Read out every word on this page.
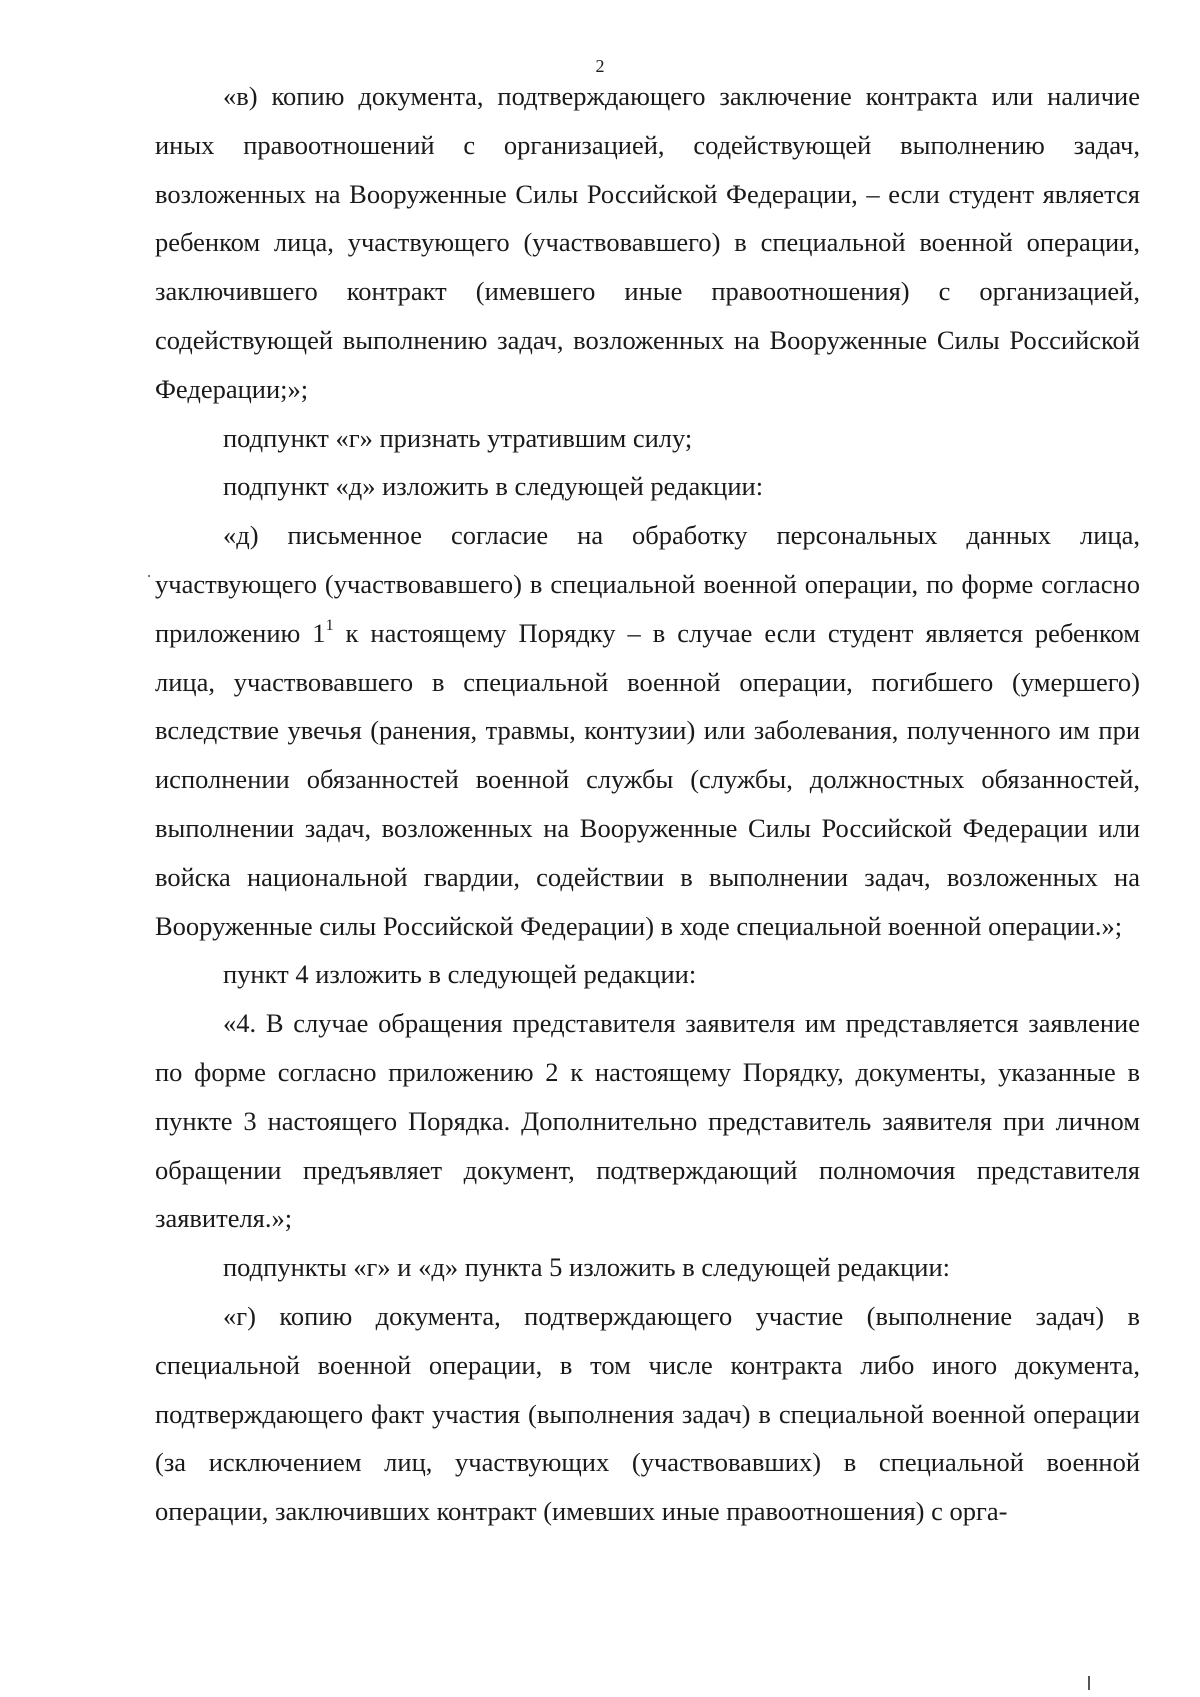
2

«в) копию документа, подтверждающего заключение контракта или наличие иных правоотношений с организацией, содействующей выполнению задач, возложенных на Вооруженные Силы Российской Федерации, – если студент является ребенком лица, участвующего (участвовавшего) в специальной военной операции, заключившего контракт (имевшего иные правоотношения) с организацией, содействующей выполнению задач, возложенных на Вооруженные Силы Российской Федерации;»;

подпункт «г» признать утратившим силу;

подпункт «д» изложить в следующей редакции:

«д) письменное согласие на обработку персональных данных лица, участвующего (участвовавшего) в специальной военной операции, по форме согласно приложению $1^1$ к настоящему Порядку – в случае если студент является ребенком лица, участвовавшего в специальной военной операции, погибшего (умершего) вследствие увечья (ранения, травмы, контузии) или заболевания, полученного им при исполнении обязанностей военной службы (службы, должностных обязанностей, выполнении задач, возложенных на Вооруженные Силы Российской Федерации или войска национальной гвардии, содействии в выполнении задач, возложенных на Вооруженные силы Российской Федерации) в ходе специальной военной операции.»;

пункт 4 изложить в следующей редакции:

«4. В случае обращения представителя заявителя им представляется заявление по форме согласно приложению 2 к настоящему Порядку, документы, указанные в пункте 3 настоящего Порядка. Дополнительно представитель заявителя при личном обращении предъявляет документ, подтверждающий полномочия представителя заявителя.»;

подпункты «г» и «д» пункта 5 изложить в следующей редакции:

«г) копию документа, подтверждающего участие (выполнение задач) в специальной военной операции, в том числе контракта либо иного документа, подтверждающего факт участия (выполнения задач) в специальной военной операции (за исключением лиц, участвующих (участвовавших) в специальной военной операции, заключивших контракт (имевших иные правоотношения) с орга-
